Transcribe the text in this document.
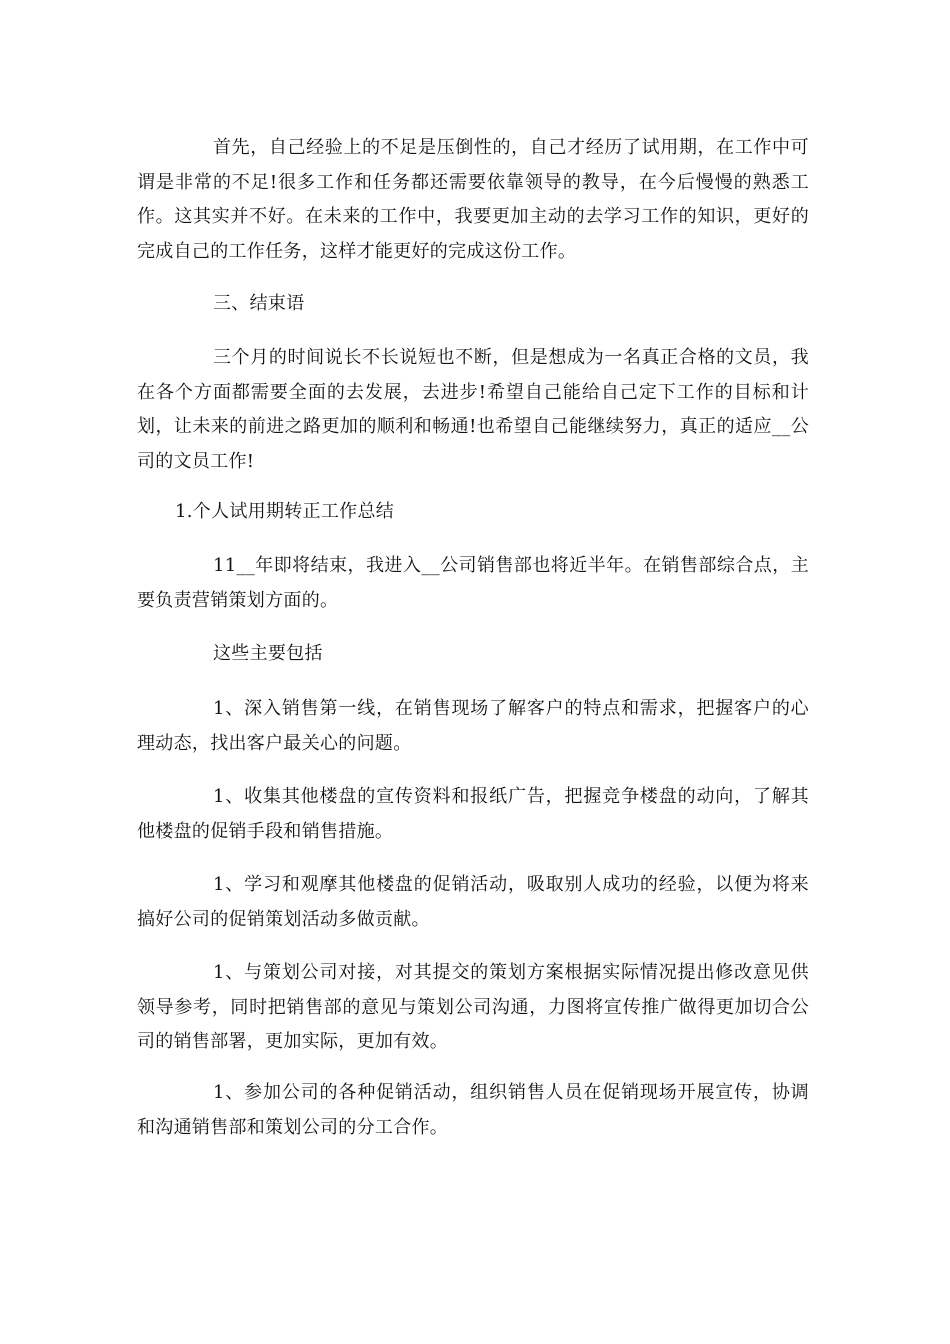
首先，自己经验上的不足是压倒性的，自己才经历了试用期，在工作中可谓是非常的不足!很多工作和任务都还需要依靠领导的教导，在今后慢慢的熟悉工作。这其实并不好。在未来的工作中，我要更加主动的去学习工作的知识，更好的完成自己的工作任务，这样才能更好的完成这份工作。

三、结束语

三个月的时间说长不长说短也不断，但是想成为一名真正合格的文员，我在各个方面都需要全面的去发展，去进步!希望自己能给自己定下工作的目标和计划，让未来的前进之路更加的顺利和畅通!也希望自己能继续努力，真正的适应__公司的文员工作!

1.个人试用期转正工作总结

11__年即将结束，我进入__公司销售部也将近半年。在销售部综合点，主要负责营销策划方面的。

这些主要包括

1、深入销售第一线，在销售现场了解客户的特点和需求，把握客户的心理动态，找出客户最关心的问题。

1、收集其他楼盘的宣传资料和报纸广告，把握竞争楼盘的动向，了解其他楼盘的促销手段和销售措施。

1、学习和观摩其他楼盘的促销活动，吸取别人成功的经验，以便为将来搞好公司的促销策划活动多做贡献。

1、与策划公司对接，对其提交的策划方案根据实际情况提出修改意见供领导参考，同时把销售部的意见与策划公司沟通，力图将宣传推广做得更加切合公司的销售部署，更加实际，更加有效。

1、参加公司的各种促销活动，组织销售人员在促销现场开展宣传，协调和沟通销售部和策划公司的分工合作。
